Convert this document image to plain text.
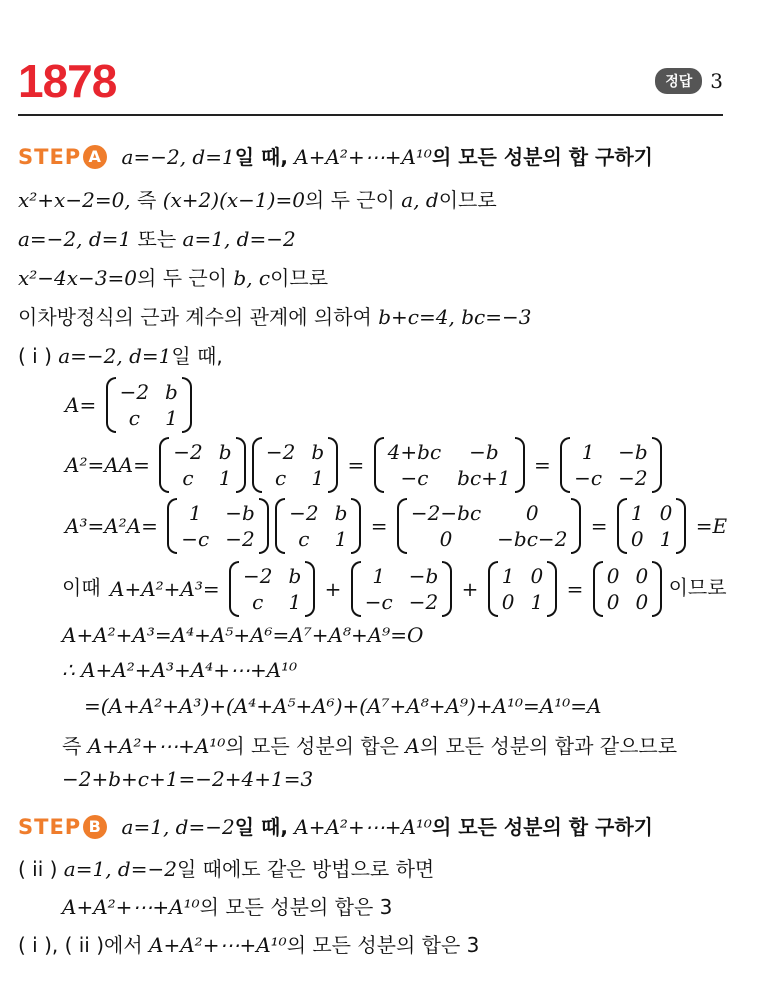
1878	정답 3
STEP A a=−2, d=1일 때, A+A²+⋯+A¹⁰의 모든 성분의 합 구하기
x²+x−2=0, 즉 (x+2)(x−1)=0의 두 근이 a, d이므로
a=−2, d=1 또는 a=1, d=−2
x²−4x−3=0의 두 근이 b, c이므로
이차방정식의 근과 계수의 관계에 의하여 b+c=4, bc=−3
( i ) a=−2, d=1일 때,
A=
−2 b
c	1
A²=AA=
−2 b
c	1

−2 b
c	1
=
4+bc	−b
−c	bc+1
=
1	−b
−c −2
A³=A²A=
1	−b
−c −2

−2 b
c	1
=
−2−bc	0
0	−bc−2
=
1 0
0 1
=E
이때 A+A²+A³=
−2 b
c	1
+
1	−b
−c −2
+
1 0
0 1
=
0 0
0 0
이므로
A+A²+A³=A⁴+A⁵+A⁶=A⁷+A⁸+A⁹=O
∴ A+A²+A³+A⁴+⋯+A¹⁰
=(A+A²+A³)+(A⁴+A⁵+A⁶)+(A⁷+A⁸+A⁹)+A¹⁰=A¹⁰=A
즉 A+A²+⋯+A¹⁰의 모든 성분의 합은 A의 모든 성분의 합과 같으므로
−2+b+c+1=−2+4+1=3
STEP B a=1, d=−2일 때, A+A²+⋯+A¹⁰의 모든 성분의 합 구하기
( ii ) a=1, d=−2일 때에도 같은 방법으로 하면
A+A²+⋯+A¹⁰의 모든 성분의 합은 3
( i ), ( ii )에서 A+A²+⋯+A¹⁰의 모든 성분의 합은 3
